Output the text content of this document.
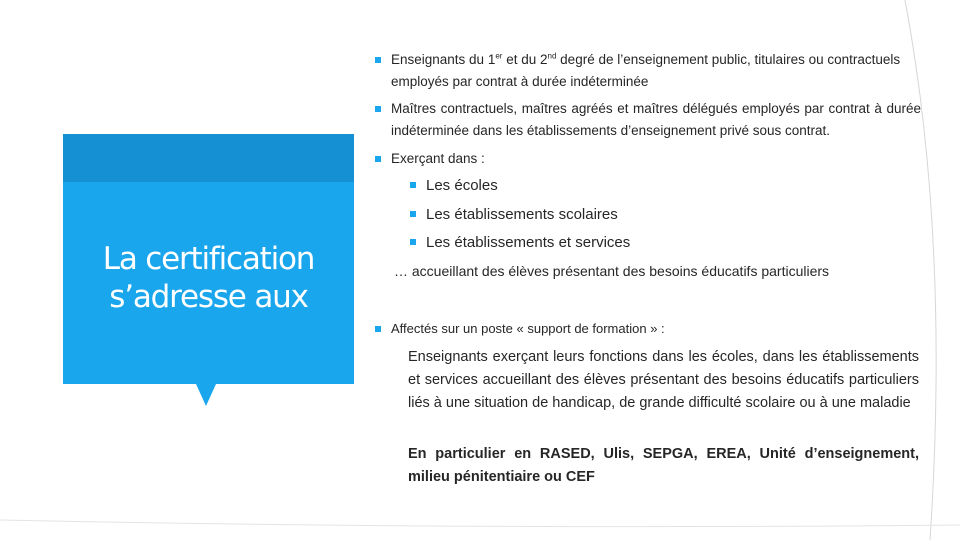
La certification s’adresse aux
Enseignants du 1er et du 2nd degré de l’enseignement public, titulaires ou contractuels employés par contrat à durée indéterminée
Maîtres contractuels, maîtres agréés et maîtres délégués employés par contrat à durée indéterminée dans les établissements d’enseignement privé sous contrat.
Exerçant dans :
Les écoles
Les établissements scolaires
Les établissements et services
… accueillant des élèves présentant des besoins éducatifs particuliers
Affectés sur un poste « support de formation » :
Enseignants exerçant leurs fonctions dans les écoles, dans les établissements et services accueillant des élèves présentant des besoins éducatifs particuliers liés à une situation de handicap, de grande difficulté scolaire ou à une maladie
En particulier en RASED, Ulis, SEPGA, EREA, Unité d’enseignement, milieu pénitentiaire ou CEF
